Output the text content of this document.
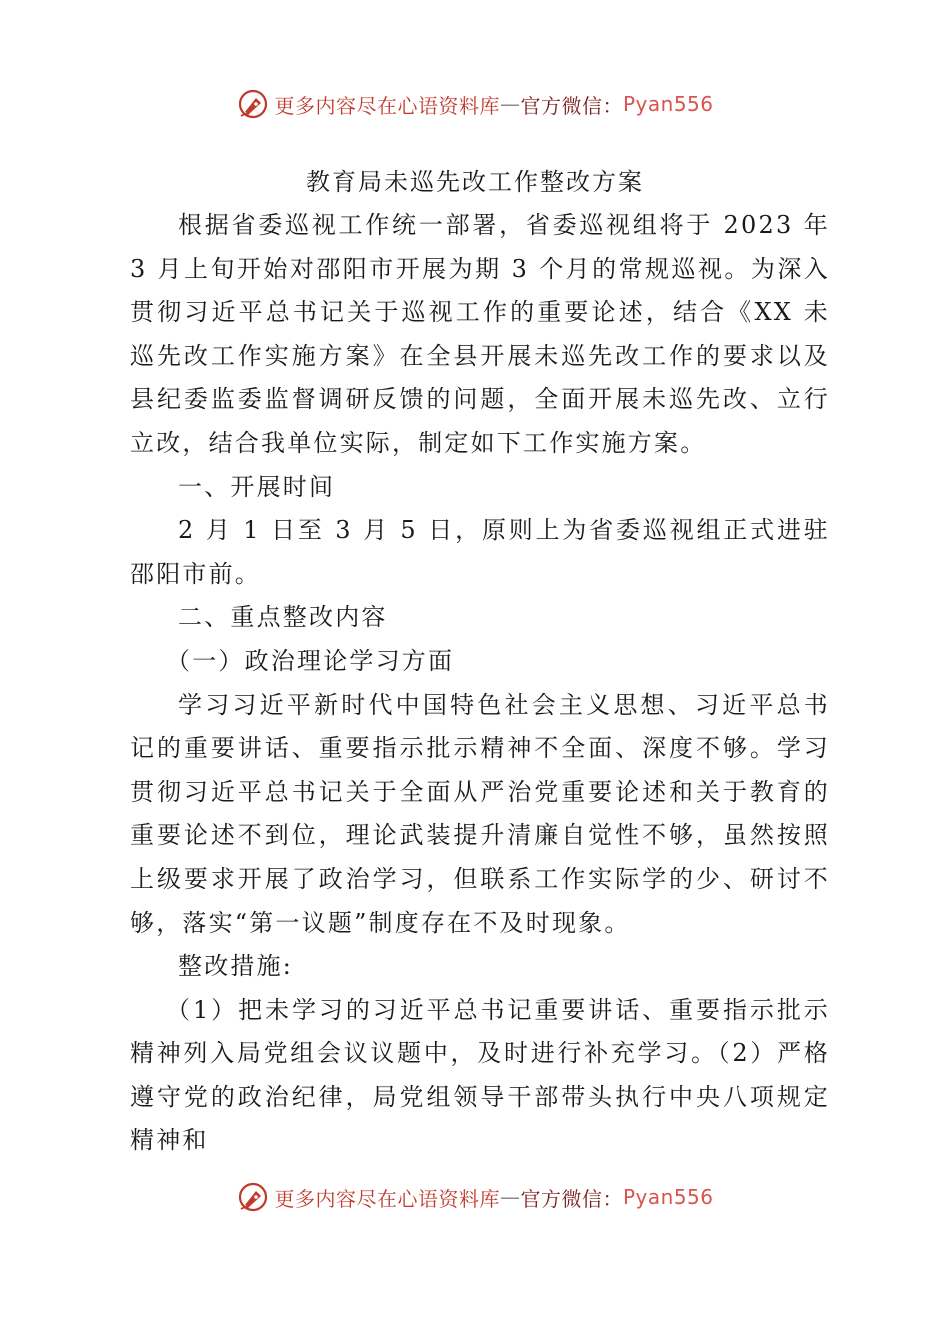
更多内容尽在心语资料库 — 官方微信： Pyan556
教育局未巡先改工作整改方案

根据省委巡视工作统一部署，省委巡视组将于 2023 年 3 月上旬开始对邵阳市开展为期 3 个月的常规巡视。为深入贯彻习近平总书记关于巡视工作的重要论述，结合《XX 未巡先改工作实施方案》在全县开展未巡先改工作的要求以及县纪委监委监督调研反馈的问题，全面开展未巡先改、立行立改，结合我单位实际，制定如下工作实施方案。

一、开展时间

2 月 1 日至 3 月 5 日，原则上为省委巡视组正式进驻邵阳市前。

二、重点整改内容

（一）政治理论学习方面

学习习近平新时代中国特色社会主义思想、习近平总书记的重要讲话、重要指示批示精神不全面、深度不够。学习贯彻习近平总书记关于全面从严治党重要论述和关于教育的重要论述不到位，理论武装提升清廉自觉性不够，虽然按照上级要求开展了政治学习，但联系工作实际学的少、研讨不够，落实“第一议题”制度存在不及时现象。

整改措施:

（1）把未学习的习近平总书记重要讲话、重要指示批示精神列入局党组会议议题中，及时进行补充学习。（2）严格遵守党的政治纪律，局党组领导干部带头执行中央八项规定精神和

更多内容尽在心语资料库 — 官方微信： Pyan556
